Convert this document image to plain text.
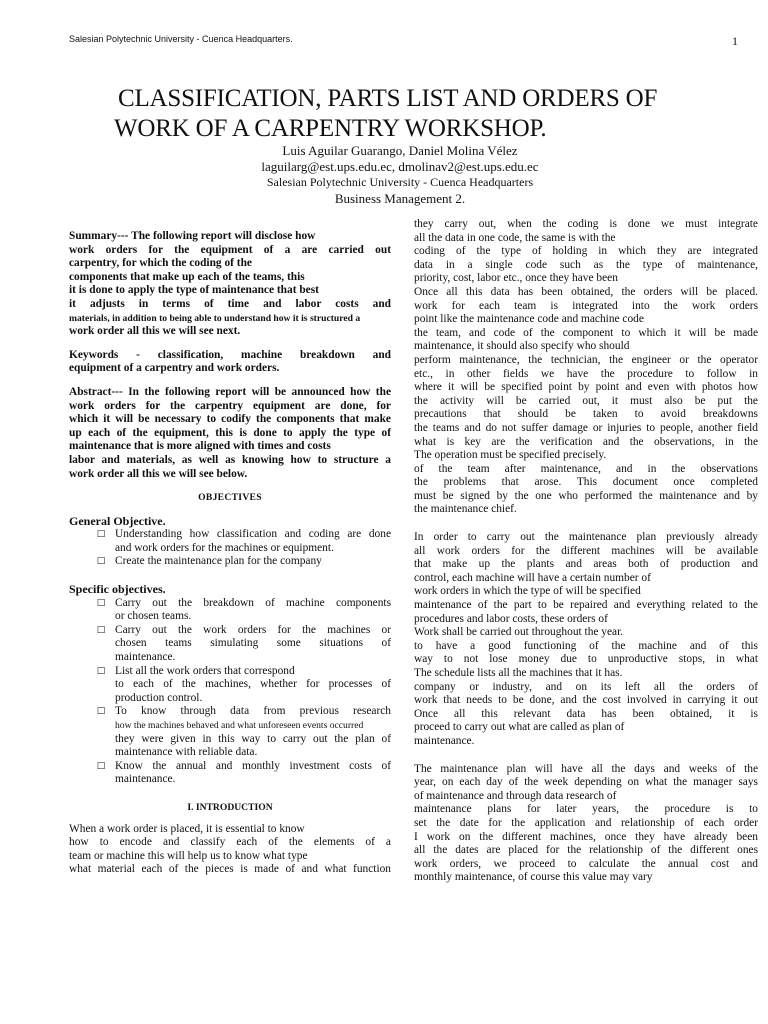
Salesian Polytechnic University - Cuenca Headquarters.	1
CLASSIFICATION, PARTS LIST AND ORDERS OF
WORK OF A CARPENTRY WORKSHOP.
Luis Aguilar Guarango, Daniel Molina Vélez
laguilarg@est.ups.edu.ec, dmolinav2@est.ups.edu.ec
Salesian Polytechnic University - Cuenca Headquarters
Business Management 2.
Summary--- The following report will disclose how
work orders for the equipment of a are carried out
carpentry, for which the coding of the
components that make up each of the teams, this
it is done to apply the type of maintenance that best
it adjusts in terms of time and labor costs and
materials, in addition to being able to understand how it is structured a
work order all this we will see next.
Keywords - classification, machine breakdown and
equipment of a carpentry and work orders.
Abstract--- In the following report will be announced how the
work orders for the carpentry equipment are done, for
which it will be necessary to codify the components that make
up each of the equipment, this is done to apply the type of
maintenance that is more aligned with times and costs
labor and materials, as well as knowing how to structure a
work order all this we will see below.
OBJECTIVES
General Objective.
□ Understanding how classification and coding are done
and work orders for the machines or equipment.
□ Create the maintenance plan for the company
Specific objectives.
□ Carry out the breakdown of machine components
or chosen teams.
□ Carry out the work orders for the machines or
chosen teams simulating some situations of
maintenance.
□ List all the work orders that correspond
to each of the machines, whether for processes of
production control.
□ To know through data from previous research
how the machines behaved and what unforeseen events occurred
they were given in this way to carry out the plan of
maintenance with reliable data.
□ Know the annual and monthly investment costs of
maintenance.
I. INTRODUCTION
When a work order is placed, it is essential to know
how to encode and classify each of the elements of a
team or machine this will help us to know what type
what material each of the pieces is made of and what function
they carry out, when the coding is done we must integrate
all the data in one code, the same is with the
coding of the type of holding in which they are integrated
data in a single code such as the type of maintenance,
priority, cost, labor etc., once they have been
Once all this data has been obtained, the orders will be placed.
work for each team is integrated into the work orders
point like the maintenance code and machine code
the team, and code of the component to which it will be made
maintenance, it should also specify who should
perform maintenance, the technician, the engineer or the operator
etc., in other fields we have the procedure to follow in
where it will be specified point by point and even with photos how
the activity will be carried out, it must also be put the
precautions that should be taken to avoid breakdowns
the teams and do not suffer damage or injuries to people, another field
what is key are the verification and the observations, in the
The operation must be specified precisely.
of the team after maintenance, and in the observations
the problems that arose. This document once completed
must be signed by the one who performed the maintenance and by
the maintenance chief.
In order to carry out the maintenance plan previously already
all work orders for the different machines will be available
that make up the plants and areas both of production and
control, each machine will have a certain number of
work orders in which the type of will be specified
maintenance of the part to be repaired and everything related to the
procedures and labor costs, these orders of
Work shall be carried out throughout the year.
to have a good functioning of the machine and of this
way to not lose money due to unproductive stops, in what
The schedule lists all the machines that it has.
company or industry, and on its left all the orders of
work that needs to be done, and the cost involved in carrying it out
Once all this relevant data has been obtained, it is
proceed to carry out what are called as plan of
maintenance.
The maintenance plan will have all the days and weeks of the
year, on each day of the week depending on what the manager says
of maintenance and through data research of
maintenance plans for later years, the procedure is to
set the date for the application and relationship of each order
I work on the different machines, once they have already been
all the dates are placed for the relationship of the different ones
work orders, we proceed to calculate the annual cost and
monthly maintenance, of course this value may vary
